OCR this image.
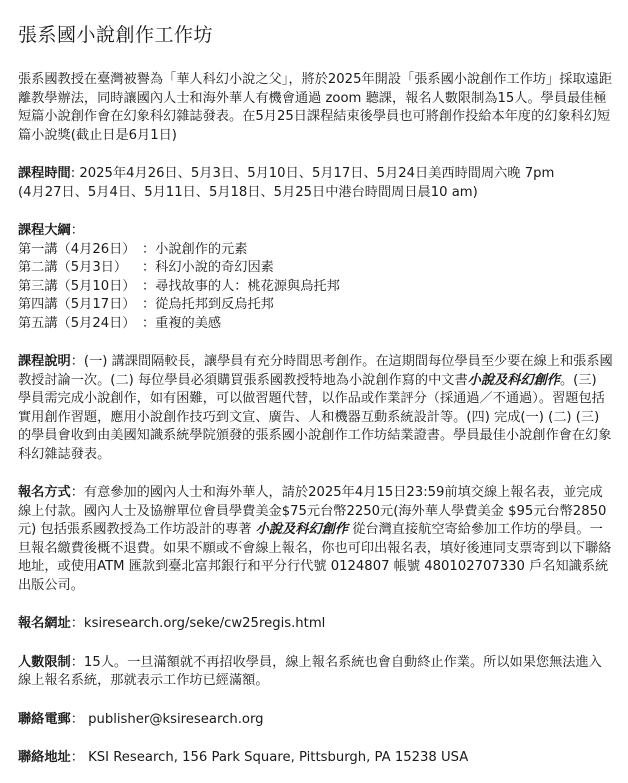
張系國小說創作工作坊

張系國教授在臺灣被譽為「華人科幻小說之父」，將於2025年開設「張系國小說創作工作坊」採取遠距離教學辦法，同時讓國內人士和海外華人有機會通過 zoom 聽課，報名人數限制為15人。學員最佳極短篇小說創作會在幻象科幻雜誌發表。在5月25日課程結束後學員也可將創作投給本年度的幻象科幻短篇小說獎(截止日是6月1日)

課程時間: 2025年4月26日、5月3日、5月10日、5月17日、5月24日美西時間周六晚 7pm

(4月27日、5月4日、5月11日、5月18日、5月25日中港台時間周日晨10 am)

課程大綱：

第一講（4月26日） ：小說創作的元素
第二講（5月3日） ：科幻小說的奇幻因素
第三講（5月10日） ：尋找故事的人：桃花源與烏托邦
第四講（5月17日） ：從烏托邦到反烏托邦
第五講（5月24日） ：重複的美感

課程說明：(一) 講課間隔較長，讓學員有充分時間思考創作。在這期間每位學員至少要在線上和張系國教授討論一次。(二) 每位學員必須購買張系國教授特地為小說創作寫的中文書小說及科幻創作。(三) 學員需完成小說創作，如有困難，可以做習題代替，以作品或作業評分（採通過／不通過）。習題包括實用創作習題，應用小說創作技巧到文宣、廣告、人和機器互動系統設計等。(四) 完成(一) (二) (三) 的學員會收到由美國知識系統學院頒發的張系國小說創作工作坊結業證書。學員最佳小說創作會在幻象科幻雜誌發表。

報名方式：有意參加的國內人士和海外華人，請於2025年4月15日23:59前填交線上報名表，並完成線上付款。國內人士及協辦單位會員學費美金$75元台幣2250元(海外華人學費美金 $95元台幣2850元) 包括張系國教授為工作坊設計的專著 小說及科幻創作 從台灣直接航空寄給參加工作坊的學員。一旦報名繳費後概不退費。如果不願或不會線上報名，你也可印出報名表，填好後連同支票寄到以下聯絡地址，或使用ATM 匯款到臺北富邦銀行和平分行代號 0124807 帳號 480102707330 戶名知識系統出版公司。

報名網址：ksiresearch.org/seke/cw25regis.html

人數限制：15人。一旦滿額就不再招收學員，線上報名系統也會自動終止作業。所以如果您無法進入線上報名系統，那就表示工作坊已經滿額。

聯絡電郵： publisher@ksiresearch.org

聯絡地址： KSI Research, 156 Park Square, Pittsburgh, PA 15238 USA
